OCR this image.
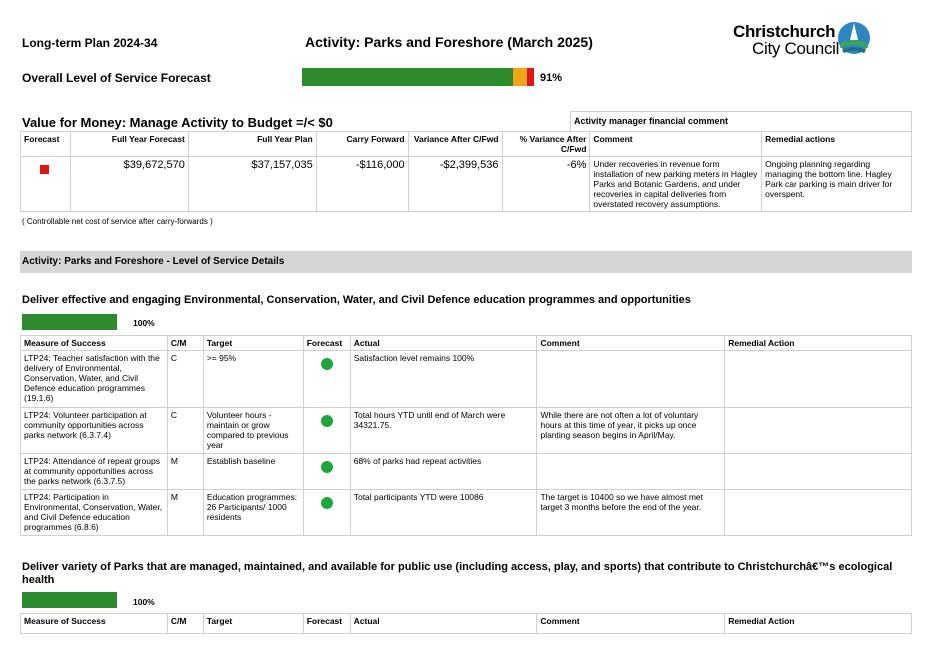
Long-term Plan 2024-34	Activity: Parks and Foreshore (March 2025)
Christchurch
City Council
Overall Level of Service Forecast	91%
Value for Money: Manage Activity to Budget =/< $0	Activity manager financial comment
Forecast	Full Year Forecast	Full Year Plan	Carry Forward	Variance After C/Fwd	% Variance After C/Fwd	Comment	Remedial actions

	$39,672,570	$37,157,035	-$116,000	-$2,399,536	-6%	Under recoveries in revenue form installation of new parking meters in Hagley Parks and Botanic Gardens, and under recoveries in capital deliveries from overstated recovery assumptions.	Ongoing planning regarding managing the bottom line. Hagley Park car parking is main driver for overspent.
( Controllable net cost of service after carry-forwards )
Activity: Parks and Foreshore - Level of Service Details
Deliver effective and engaging Environmental, Conservation, Water, and Civil Defence education programmes and opportunities
100%
Measure of Success	C/M	Target	Forecast	Actual	Comment	Remedial Action
LTP24: Teacher satisfaction with the delivery of Environmental, Conservation, Water, and Civil Defence education programmes (19.1.6)	C	>= 95%		Satisfaction level remains 100%		
LTP24: Volunteer participation at community opportunities across parks network (6.3.7.4)	C	Volunteer hours - maintain or grow compared to previous year		Total hours YTD until end of March were 34321.75.	While there are not often a lot of voluntary hours at this time of year, it picks up once planting season begins in April/May.	
LTP24: Attendance of repeat groups at community opportunities across the parks network (6.3.7.5)	M	Establish baseline		68% of parks had repeat activities		
LTP24: Participation in Environmental, Conservation, Water, and Civil Defence education programmes (6.8.6)	M	Education programmes: 26 Participants/ 1000 residents		Total participants YTD were 10086	The target is 10400 so we have almost met target 3 months before the end of the year.	
Deliver variety of Parks that are managed, maintained, and available for public use (including access, play, and sports) that contribute to Christchurchâ€™s ecological health
100%
Measure of Success	C/M	Target	Forecast	Actual	Comment	Remedial Action
